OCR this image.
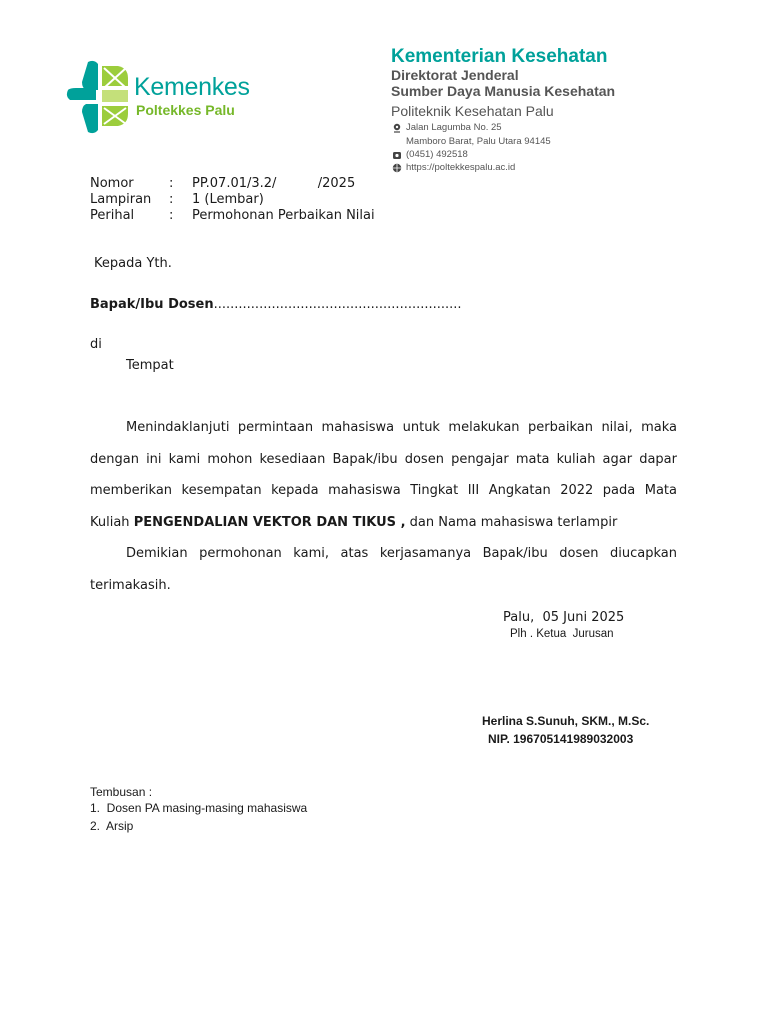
Kemenkes
Poltekkes Palu
Kementerian Kesehatan
Direktorat Jenderal
Sumber Daya Manusia Kesehatan
Politeknik Kesehatan Palu
Jalan Lagumba No. 25
Mamboro Barat, Palu Utara 94145
(0451) 492518
https://poltekkespalu.ac.id
Nomor	: PP.07.01/3.2/          /2025
Lampiran : 1 (Lembar)
Perihal	: Permohonan Perbaikan Nilai
Kepada Yth.
Bapak/Ibu Dosen............................................................
di
Tempat
Menindaklanjuti permintaan mahasiswa untuk melakukan perbaikan nilai, maka
dengan ini kami mohon kesediaan Bapak/ibu dosen pengajar mata kuliah agar dapar
memberikan kesempatan kepada mahasiswa Tingkat III Angkatan 2022 pada Mata
Kuliah PENGENDALIAN VEKTOR DAN TIKUS , dan Nama mahasiswa terlampir
Demikian permohonan kami, atas kerjasamanya Bapak/ibu dosen diucapkan
terimakasih.
Palu,  05 Juni 2025
Plh . Ketua  Jurusan
Herlina S.Sunuh, SKM., M.Sc.
NIP. 196705141989032003
Tembusan :
1.  Dosen PA masing-masing mahasiswa
2.  Arsip
